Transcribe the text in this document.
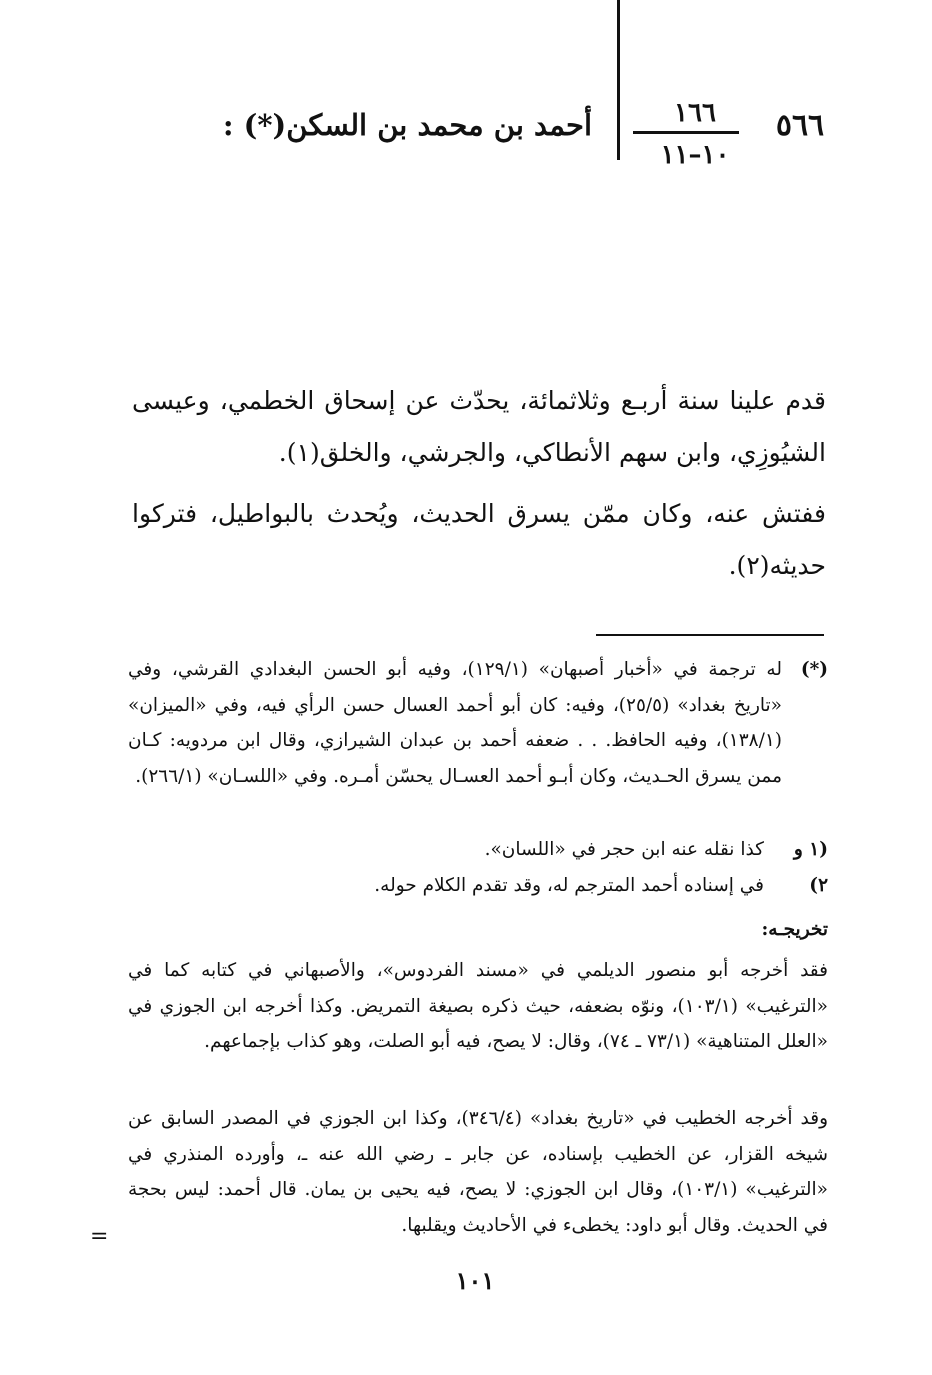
٥٦٦
١٦٦
١٠–١١
أحمد بن محمد بن السكن(*) :
قدم علينا سنة أربـع وثلاثمائة، يحدّث عن إسحاق الخطمي، وعيسى الشيُوزِي، وابن سهم الأنطاكي، والجرشي، والخلق(١).
ففتش عنه، وكان ممّن يسرق الحديث، ويُحدث بالبواطيل، فتركوا حديثه(٢).
(*)
له ترجمة في «أخبار أصبهان» (١٢٩/١)، وفيه أبو الحسن البغدادي القرشي، وفي «تاريخ بغداد» (٢٥/٥)، وفيه: كان أبو أحمد العسال حسن الرأي فيه، وفي «الميزان» (١٣٨/١)، وفيه الحافظ. . . ضعفه أحمد بن عبدان الشيرازي، وقال ابن مردويه: كـان ممن يسرق الحـديث، وكان أبـو أحمد العسـال يحسّن أمـره. وفي «اللسـان» (٢٦٦/١).
(١ و ٢)
كذا نقله عنه ابن حجر في «اللسان».
في إسناده أحمد المترجم له، وقد تقدم الكلام حوله.
تخريجـه:
فقد أخرجه أبو منصور الديلمي في «مسند الفردوس»، والأصبهاني في كتابه كما في «الترغيب» (١٠٣/١)، ونوّه بضعفه، حيث ذكره بصيغة التمريض. وكذا أخرجه ابن الجوزي في «العلل المتناهية» (٧٣/١ ـ ٧٤)، وقال: لا يصح، فيه أبو الصلت، وهو كذاب بإجماعهم.
وقد أخرجه الخطيب في «تاريخ بغداد» (٣٤٦/٤)، وكذا ابن الجوزي في المصدر السابق عن شيخه القزار، عن الخطيب بإسناده، عن جابر ـ رضي الله عنه ـ، وأورده المنذري في «الترغيب» (١٠٣/١)، وقال ابن الجوزي: لا يصح، فيه يحيى بن يمان. قال أحمد: ليس بحجة في الحديث. وقال أبو داود: يخطىء في الأحاديث ويقلبها.
=
١٠١
